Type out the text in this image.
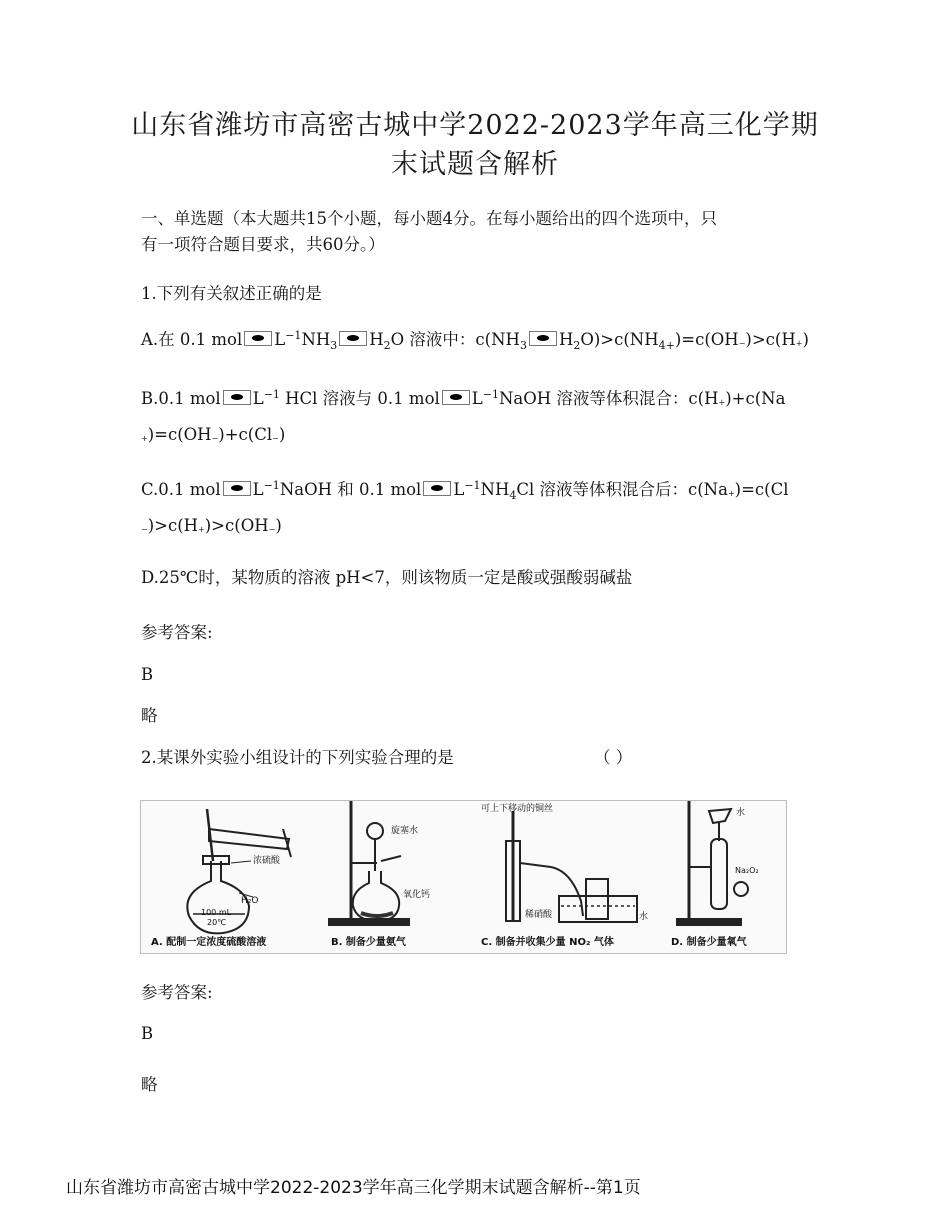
山东省潍坊市高密古城中学2022-2023学年高三化学期
末试题含解析
一、单选题（本大题共15个小题，每小题4分。在每小题给出的四个选项中，只
有一项符合题目要求，共60分。）
1.下列有关叙述正确的是
A.在 0.1 mol $L^{-1}NH_3$ $H_2O$ 溶液中：$c(NH_3$ $H_2O)>c(NH_{4+})=c(OH_-)>c(H_+)$
B.0.1 mol $L^{-1}$ HCl 溶液与 0.1 mol $L^{-1}NaOH$ 溶液等体积混合：$c(H_+)+c(Na$
$_+)=c(OH_-)+c(Cl_-)$
C.0.1 mol $L^{-1}NaOH$ 和 0.1 mol $L^{-1}NH_4Cl$ 溶液等体积混合后：$c(Na_+)=c(Cl$
$_-)>c(H_+)>c(OH_-)$
D.25℃时，某物质的溶液 pH<7，则该物质一定是酸或强酸弱碱盐
参考答案:
B
略
2.某课外实验小组设计的下列实验合理的是	（ ）
浓硫酸
H₂O
100 mL
20℃
旋塞水
氧化钙
可上下移动的铜丝
稀硝酸	水
水
Na₂O₂
A. 配制一定浓度硫酸溶液	B. 制备少量氨气	C. 制备并收集少量 NO₂ 气体	D. 制备少量氧气
参考答案:
B
略
山东省潍坊市高密古城中学2022-2023学年高三化学期末试题含解析--第1页
